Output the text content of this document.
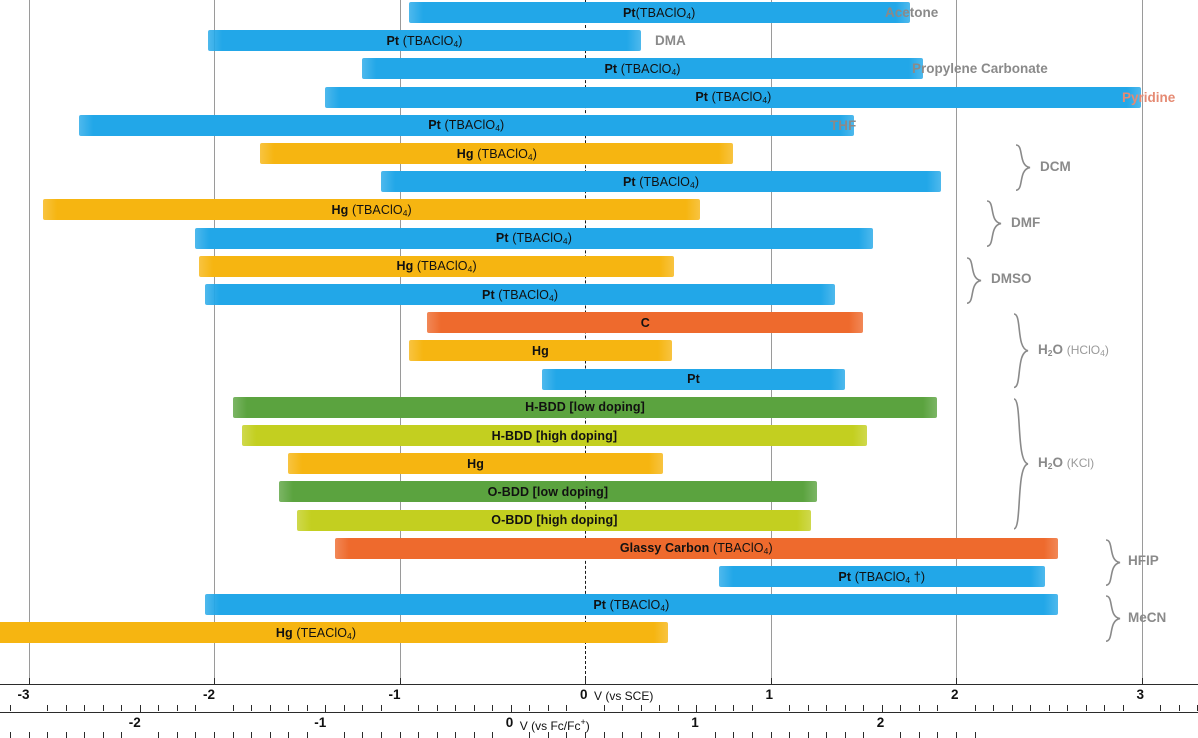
Pt(TBAClO$_4$)
Pt (TBAClO$_4$)
Pt (TBAClO$_4$)
Pt (TBAClO$_4$)
Pt (TBAClO$_4$)
Hg (TBAClO$_4$)
Pt (TBAClO$_4$)
Hg (TBAClO$_4$)
Pt (TBAClO$_4$)
Hg (TBAClO$_4$)
Pt (TBAClO$_4$)
C
Hg
Pt
H-BDD [low doping]
H-BDD [high doping]
Hg
O-BDD [low doping]
O-BDD [high doping]
Glassy Carbon (TBAClO$_4$)
Pt (TBAClO$_4$ †)
Pt (TBAClO$_4$)
Hg (TEAClO$_4$)
Acetone
DMA
Propylene Carbonate
Pyridine
THF
DCM
DMF
DMSO
$H_2O$ (HClO$_4$)
$H_2O$ (KCl)
HFIP
MeCN
-3	-2	-1	0	1	2	3
V (vs SCE)
-2	-1	0	1	2
V (vs Fc/Fc+)
